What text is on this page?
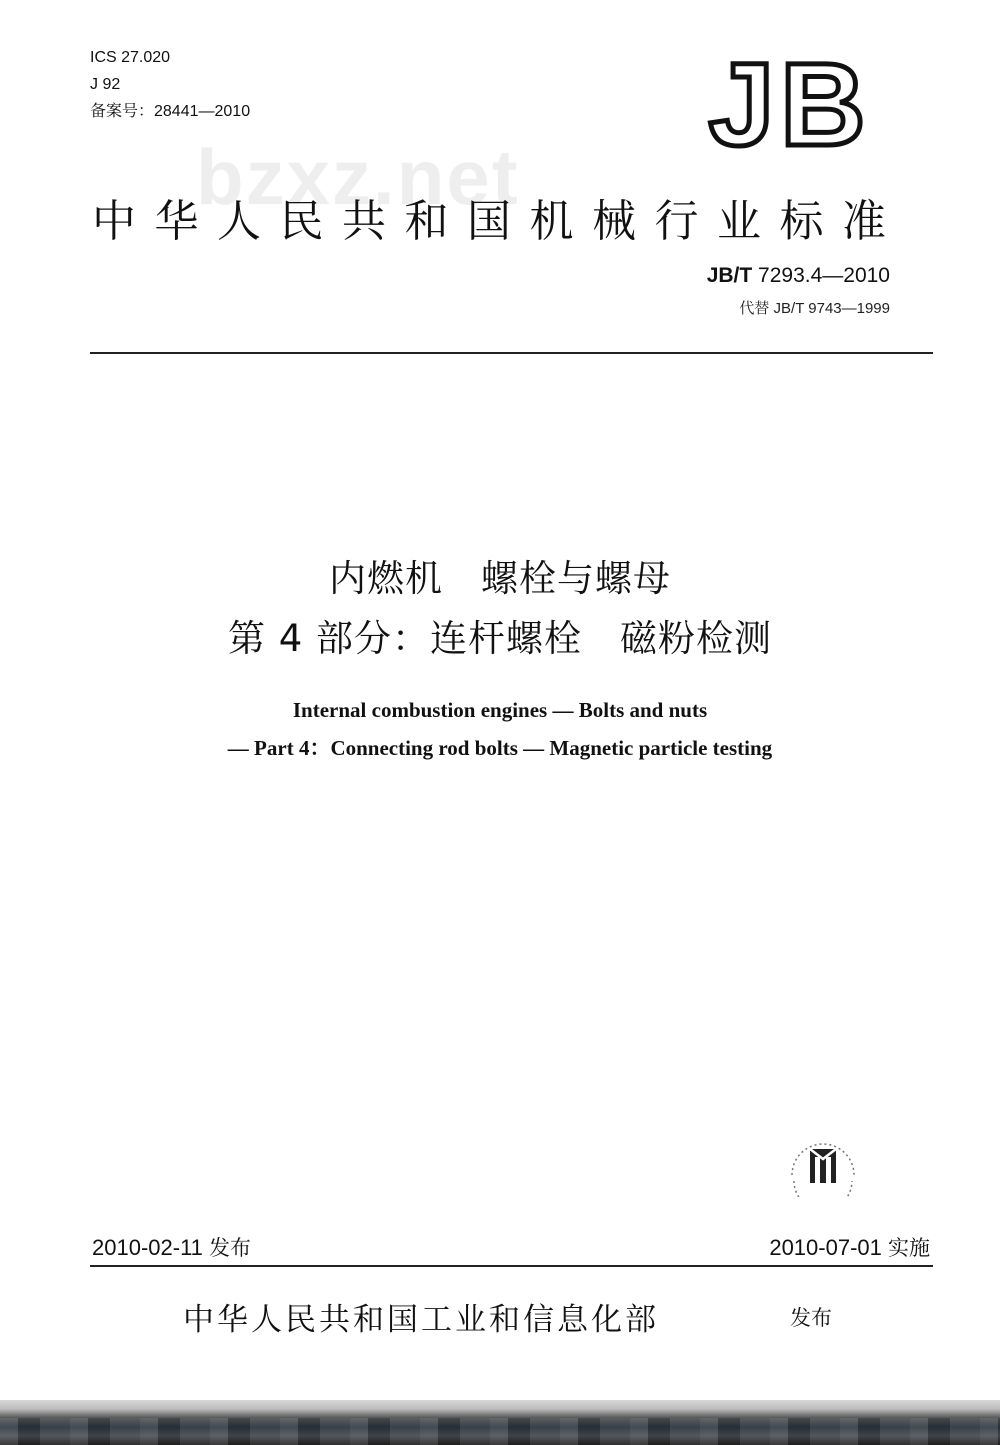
ICS 27.020
J 92
备案号：28441—2010	JB
bzxz.net
中华人民共和国机械行业标准
JB/T 7293.4—2010
代替 JB/T 9743—1999
内燃机　螺栓与螺母
第 4 部分：连杆螺栓　磁粉检测
Internal combustion engines — Bolts and nuts
— Part 4：Connecting rod bolts — Magnetic particle testing
2010-02-11 发布	2010-07-01 实施
中华人民共和国工业和信息化部	发布
